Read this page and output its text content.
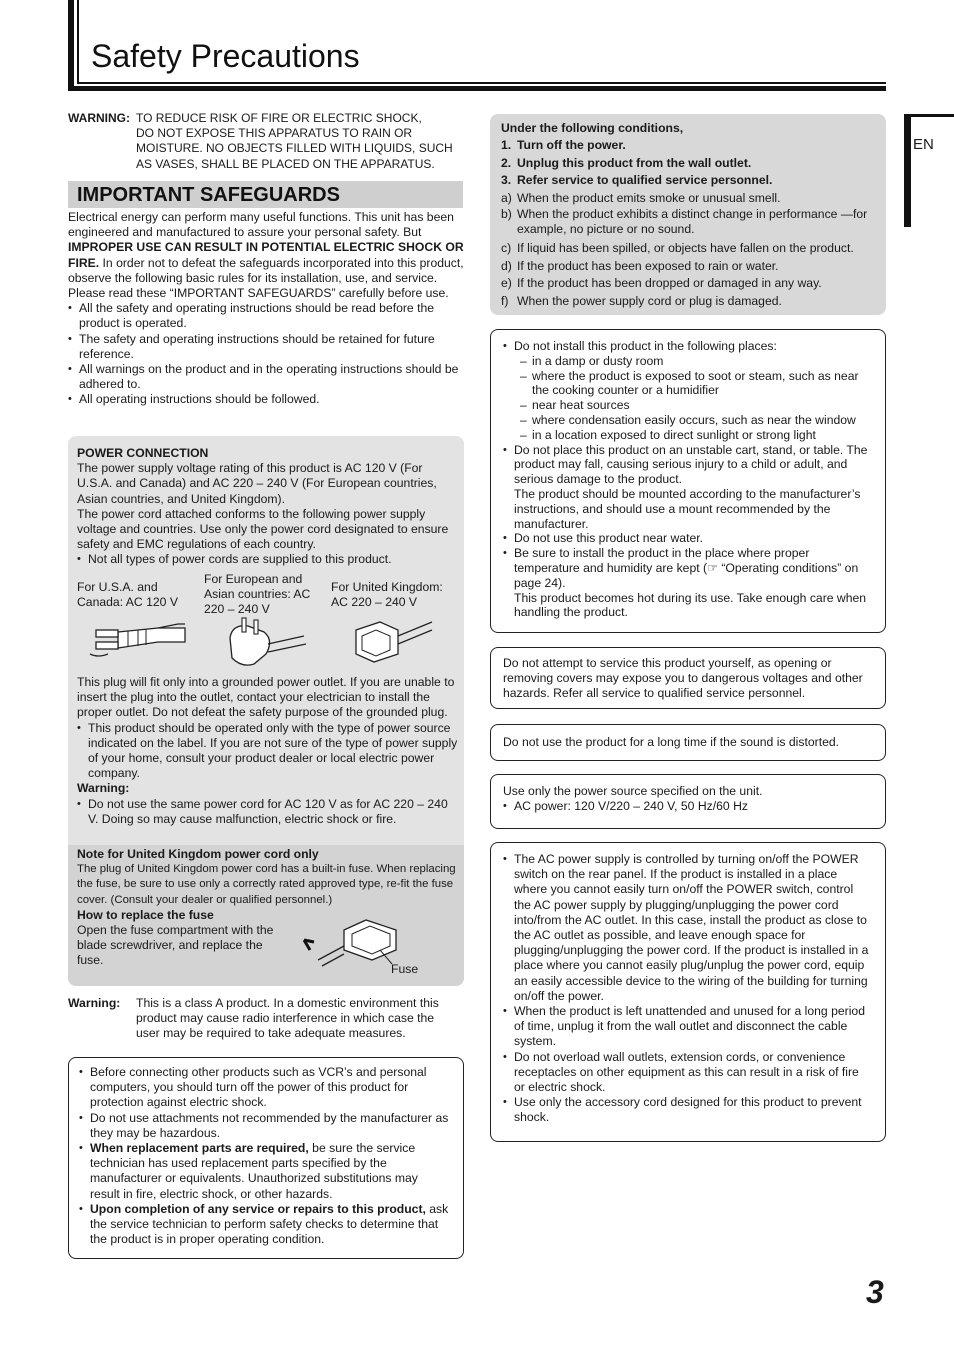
Safety Precautions
EN
WARNING: TO REDUCE RISK OF FIRE OR ELECTRIC SHOCK,
DO NOT EXPOSE THIS APPARATUS TO RAIN OR
MOISTURE. NO OBJECTS FILLED WITH LIQUIDS, SUCH
AS VASES, SHALL BE PLACED ON THE APPARATUS.
IMPORTANT SAFEGUARDS
Electrical energy can perform many useful functions. This unit has been engineered and manufactured to assure your personal safety. But IMPROPER USE CAN RESULT IN POTENTIAL ELECTRIC SHOCK OR FIRE. In order not to defeat the safeguards incorporated into this product, observe the following basic rules for its installation, use, and service. Please read these “IMPORTANT SAFEGUARDS” carefully before use.
• All the safety and operating instructions should be read before the product is operated.
• The safety and operating instructions should be retained for future reference.
• All warnings on the product and in the operating instructions should be adhered to.
• All operating instructions should be followed.
POWER CONNECTION
The power supply voltage rating of this product is AC 120 V (For U.S.A. and Canada) and AC 220 – 240 V (For European countries, Asian countries, and United Kingdom).
The power cord attached conforms to the following power supply voltage and countries. Use only the power cord designated to ensure safety and EMC regulations of each country.
• Not all types of power cords are supplied to this product.
For U.S.A. and Canada: AC 120 V
For European and Asian countries: AC 220 – 240 V
For United Kingdom: AC 220 – 240 V
This plug will fit only into a grounded power outlet. If you are unable to insert the plug into the outlet, contact your electrician to install the proper outlet. Do not defeat the safety purpose of the grounded plug.
• This product should be operated only with the type of power source indicated on the label. If you are not sure of the type of power supply of your home, consult your product dealer or local electric power company.
Warning:
• Do not use the same power cord for AC 120 V as for AC 220 – 240 V. Doing so may cause malfunction, electric shock or fire.
Note for United Kingdom power cord only
The plug of United Kingdom power cord has a built-in fuse. When replacing the fuse, be sure to use only a correctly rated approved type, re-fit the fuse cover. (Consult your dealer or qualified personnel.)
How to replace the fuse
Open the fuse compartment with the blade screwdriver, and replace the fuse.
Fuse
Warning: This is a class A product. In a domestic environment this product may cause radio interference in which case the user may be required to take adequate measures.
• Before connecting other products such as VCR’s and personal computers, you should turn off the power of this product for protection against electric shock.
• Do not use attachments not recommended by the manufacturer as they may be hazardous.
• When replacement parts are required, be sure the service technician has used replacement parts specified by the manufacturer or equivalents. Unauthorized substitutions may result in fire, electric shock, or other hazards.
• Upon completion of any service or repairs to this product, ask the service technician to perform safety checks to determine that the product is in proper operating condition.
Under the following conditions,
1. Turn off the power.
2. Unplug this product from the wall outlet.
3. Refer service to qualified service personnel.
a) When the product emits smoke or unusual smell.
b) When the product exhibits a distinct change in performance —for example, no picture or no sound.
c) If liquid has been spilled, or objects have fallen on the product.
d) If the product has been exposed to rain or water.
e) If the product has been dropped or damaged in any way.
f) When the power supply cord or plug is damaged.
• Do not install this product in the following places:
– in a damp or dusty room
– where the product is exposed to soot or steam, such as near the cooking counter or a humidifier
– near heat sources
– where condensation easily occurs, such as near the window
– in a location exposed to direct sunlight or strong light
• Do not place this product on an unstable cart, stand, or table. The product may fall, causing serious injury to a child or adult, and serious damage to the product.
The product should be mounted according to the manufacturer’s instructions, and should use a mount recommended by the manufacturer.
• Do not use this product near water.
• Be sure to install the product in the place where proper temperature and humidity are kept (☞ “Operating conditions” on page 24).
This product becomes hot during its use. Take enough care when handling the product.
Do not attempt to service this product yourself, as opening or removing covers may expose you to dangerous voltages and other hazards. Refer all service to qualified service personnel.
Do not use the product for a long time if the sound is distorted.
Use only the power source specified on the unit.
• AC power: 120 V/220 – 240 V, 50 Hz/60 Hz
• The AC power supply is controlled by turning on/off the POWER switch on the rear panel. If the product is installed in a place where you cannot easily turn on/off the POWER switch, control the AC power supply by plugging/unplugging the power cord into/from the AC outlet. In this case, install the product as close to the AC outlet as possible, and leave enough space for plugging/unplugging the power cord. If the product is installed in a place where you cannot easily plug/unplug the power cord, equip an easily accessible device to the wiring of the building for turning on/off the power.
• When the product is left unattended and unused for a long period of time, unplug it from the wall outlet and disconnect the cable system.
• Do not overload wall outlets, extension cords, or convenience receptacles on other equipment as this can result in a risk of fire or electric shock.
• Use only the accessory cord designed for this product to prevent shock.
3
